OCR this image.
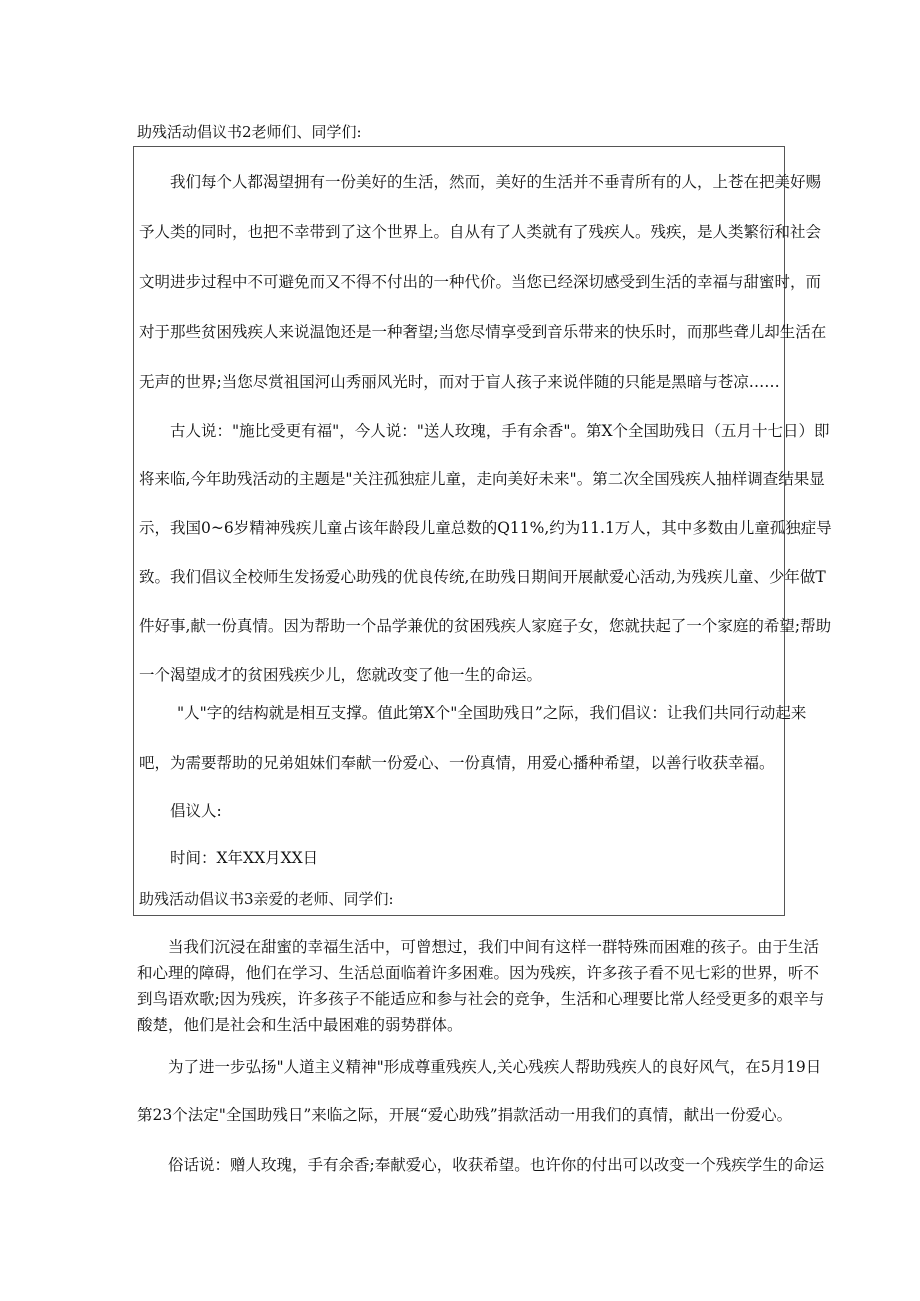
助残活动倡议书2老师们、同学们:
我们每个人都渴望拥有一份美好的生活，然而，美好的生活并不垂青所有的人，上苍在把美好赐
予人类的同时，也把不幸带到了这个世界上。自从有了人类就有了残疾人。残疾，是人类繁衍和社会
文明进步过程中不可避免而又不得不付出的一种代价。当您已经深切感受到生活的幸福与甜蜜时，而
对于那些贫困残疾人来说温饱还是一种奢望;当您尽情享受到音乐带来的快乐时，而那些聋儿却生活在
无声的世界;当您尽赏祖国河山秀丽风光时，而对于盲人孩子来说伴随的只能是黑暗与苍凉……
古人说："施比受更有福"，今人说："送人玫瑰，手有余香"。第X个全国助残日（五月十七日）即
将来临,今年助残活动的主题是"关注孤独症儿童，走向美好未来"。第二次全国残疾人抽样调查结果显
示，我国0~6岁精神残疾儿童占该年龄段儿童总数的Q11%,约为11.1万人，其中多数由儿童孤独症导
致。我们倡议全校师生发扬爱心助残的优良传统,在助残日期间开展献爱心活动,为残疾儿童、少年做T
件好事,献一份真情。因为帮助一个品学兼优的贫困残疾人家庭子女，您就扶起了一个家庭的希望;帮助
一个渴望成才的贫困残疾少儿，您就改变了他一生的命运。
"人"字的结构就是相互支撑。值此第X个"全国助残日”之际，我们倡议：让我们共同行动起来
吧，为需要帮助的兄弟姐妹们奉献一份爱心、一份真情，用爱心播种希望，以善行收获幸福。
倡议人:
时间：X年XX月XX日
助残活动倡议书3亲爱的老师、同学们:
当我们沉浸在甜蜜的幸福生活中，可曾想过，我们中间有这样一群特殊而困难的孩子。由于生活
和心理的障碍，他们在学习、生活总面临着许多困难。因为残疾，许多孩子看不见七彩的世界，听不
到鸟语欢歌;因为残疾，许多孩子不能适应和参与社会的竞争，生活和心理要比常人经受更多的艰辛与
酸楚，他们是社会和生活中最困难的弱势群体。
为了进一步弘扬"人道主义精神"形成尊重残疾人,关心残疾人帮助残疾人的良好风气，在5月19日
第23个法定"全国助残日”来临之际，开展“爱心助残”捐款活动一用我们的真情，献出一份爱心。
俗话说：赠人玫瑰，手有余香;奉献爱心，收获希望。也许你的付出可以改变一个残疾学生的命运
